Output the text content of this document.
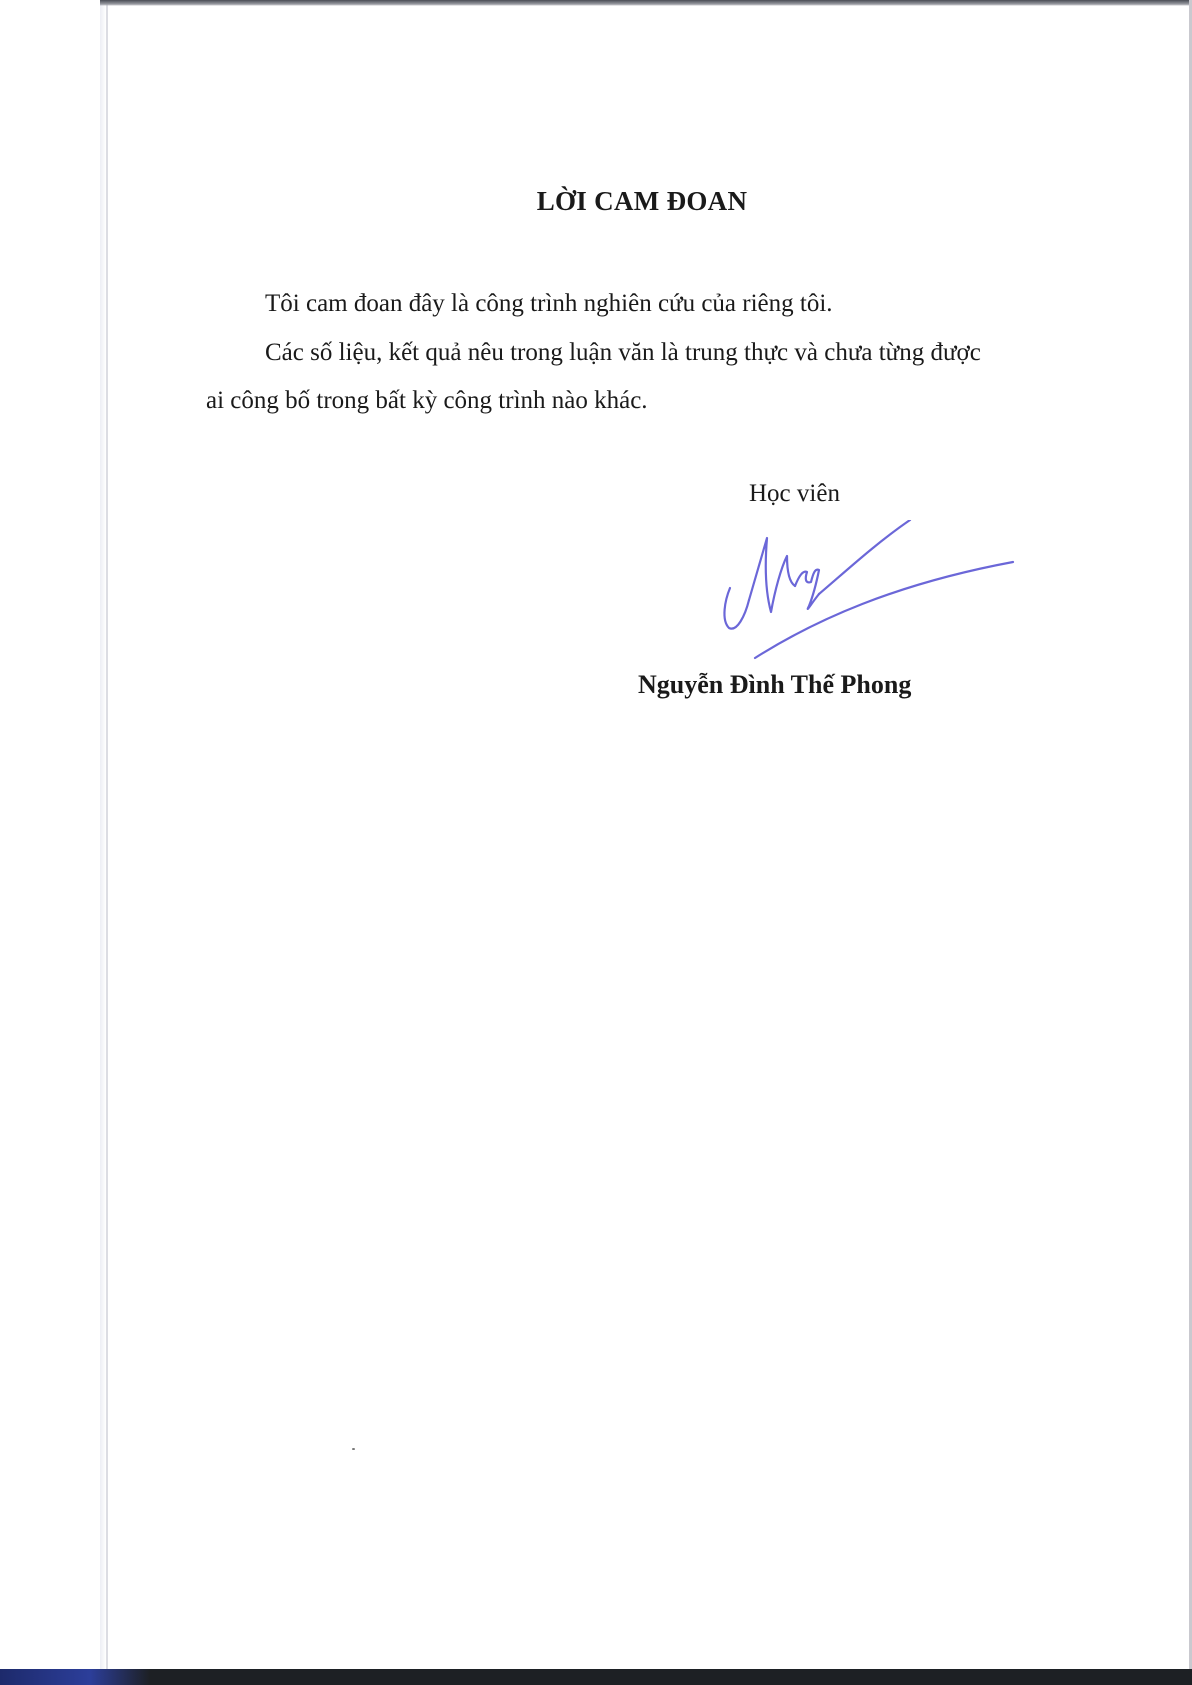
LỜI CAM ĐOAN
Tôi cam đoan đây là công trình nghiên cứu của riêng tôi.
Các số liệu, kết quả nêu trong luận văn là trung thực và chưa từng được
ai công bố trong bất kỳ công trình nào khác.
Học viên
Nguyễn Đình Thế Phong
